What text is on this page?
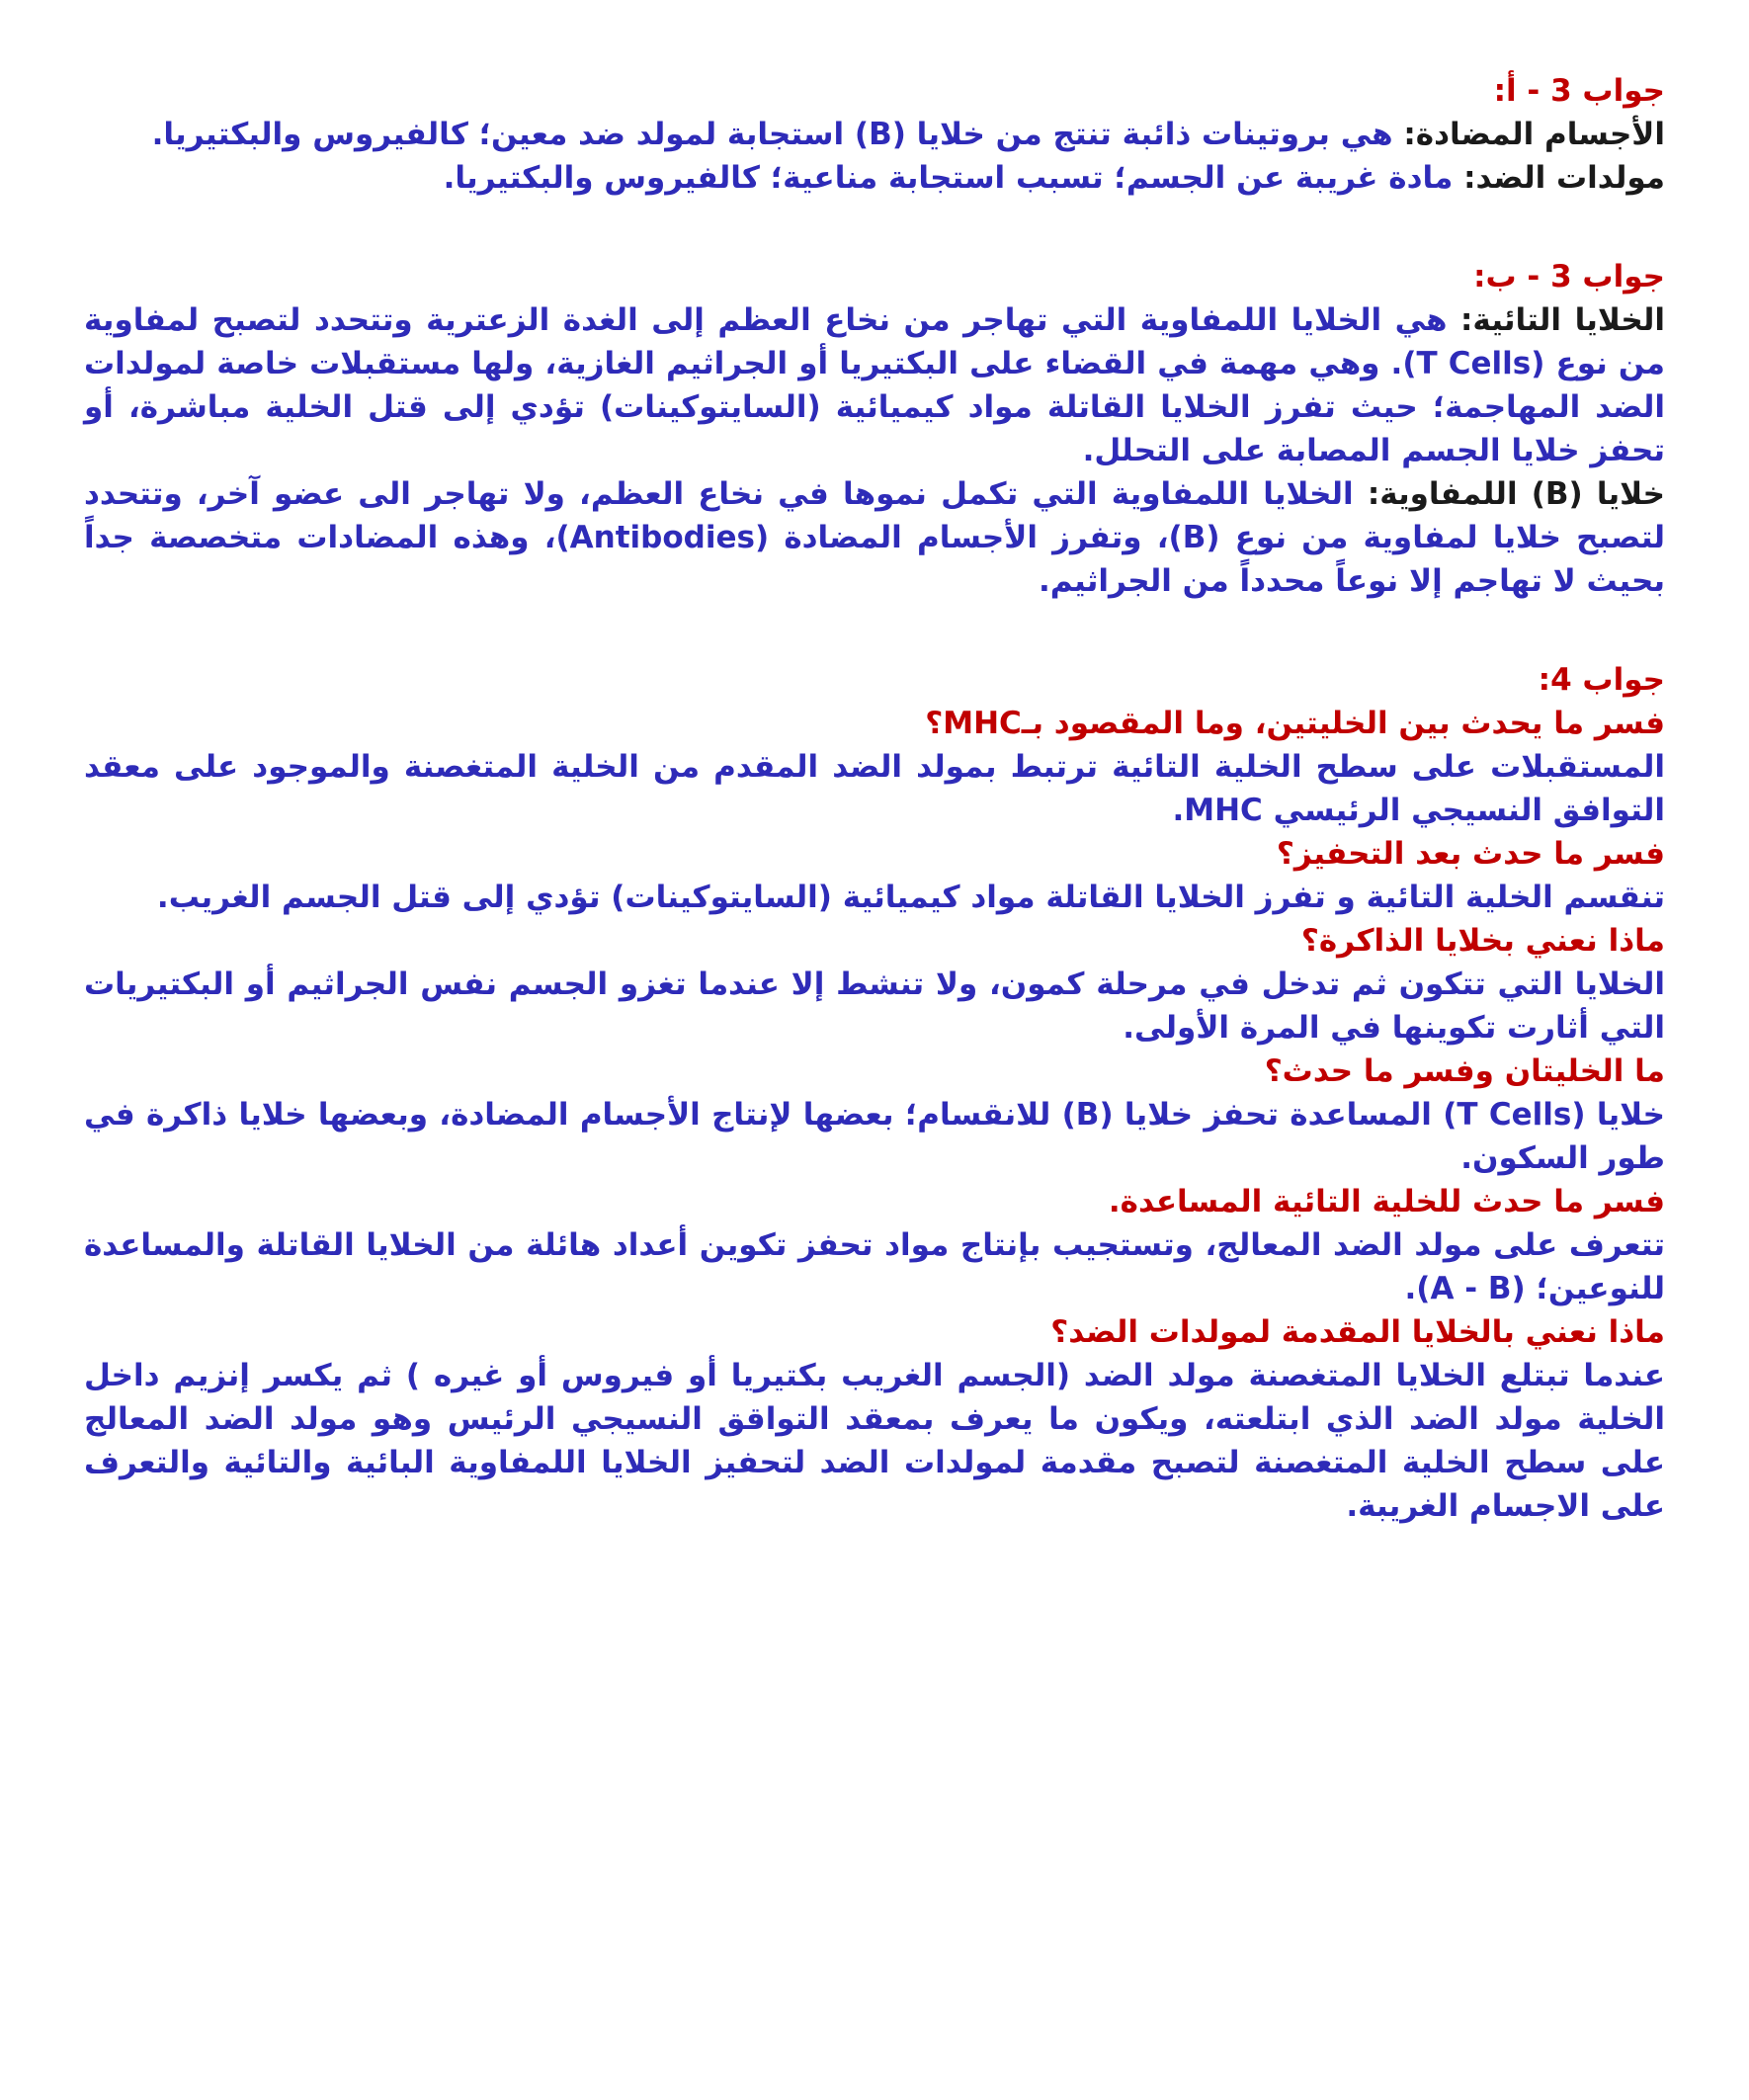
جواب 3 - أ:

الأجسام المضادة: هي بروتينات ذائبة تنتج من خلايا (B) استجابة لمولد ضد معين؛ كالفيروس والبكتيريا.

مولدات الضد: مادة غريبة عن الجسم؛ تسبب استجابة مناعية؛ كالفيروس والبكتيريا.

جواب 3 - ب:

الخلايا التائية: هي الخلايا اللمفاوية التي تهاجر من نخاع العظم إلى الغدة الزعترية وتتحدد لتصبح لمفاوية من نوع (T Cells). وهي مهمة في القضاء على البكتيريا أو الجراثيم الغازية، ولها مستقبلات خاصة لمولدات الضد المهاجمة؛ حيث تفرز الخلايا القاتلة مواد كيميائية (السايتوكينات) تؤدي إلى قتل الخلية مباشرة، أو تحفز خلايا الجسم المصابة على التحلل.

خلايا (B) اللمفاوية: الخلايا اللمفاوية التي تكمل نموها في نخاع العظم، ولا تهاجر الى عضو آخر، وتتحدد لتصبح خلايا لمفاوية من نوع (B)، وتفرز الأجسام المضادة (Antibodies)، وهذه المضادات متخصصة جداً بحيث لا تهاجم إلا نوعاً محدداً من الجراثيم.

جواب 4:

فسر ما يحدث بين الخليتين، وما المقصود بـMHC؟

المستقبلات على سطح الخلية التائية ترتبط بمولد الضد المقدم من الخلية المتغصنة والموجود على معقد التوافق النسيجي الرئيسي MHC.

فسر ما حدث بعد التحفيز؟

تنقسم الخلية التائية و تفرز الخلايا القاتلة مواد كيميائية (السايتوكينات) تؤدي إلى قتل الجسم الغريب.

ماذا نعني بخلايا الذاكرة؟

الخلايا التي تتكون ثم تدخل في مرحلة كمون، ولا تنشط إلا عندما تغزو الجسم نفس الجراثيم أو البكتيريات التي أثارت تكوينها في المرة الأولى.

ما الخليتان وفسر ما حدث؟

خلايا (T Cells) المساعدة تحفز خلايا (B) للانقسام؛ بعضها لإنتاج الأجسام المضادة، وبعضها خلايا ذاكرة في طور السكون.

فسر ما حدث للخلية التائية المساعدة.

تتعرف على مولد الضد المعالج، وتستجيب بإنتاج مواد تحفز تكوين أعداد هائلة من الخلايا القاتلة والمساعدة للنوعين؛ (A - B).

ماذا نعني بالخلايا المقدمة لمولدات الضد؟

عندما تبتلع الخلايا المتغصنة مولد الضد (الجسم الغريب بكتيريا أو فيروس أو غيره ) ثم يكسر إنزيم داخل الخلية مولد الضد الذي ابتلعته، ويكون ما يعرف بمعقد التواقق النسيجي الرئيس وهو مولد الضد المعالج على سطح الخلية المتغصنة لتصبح مقدمة لمولدات الضد لتحفيز الخلايا اللمفاوية البائية والتائية والتعرف على الاجسام الغريبة.
